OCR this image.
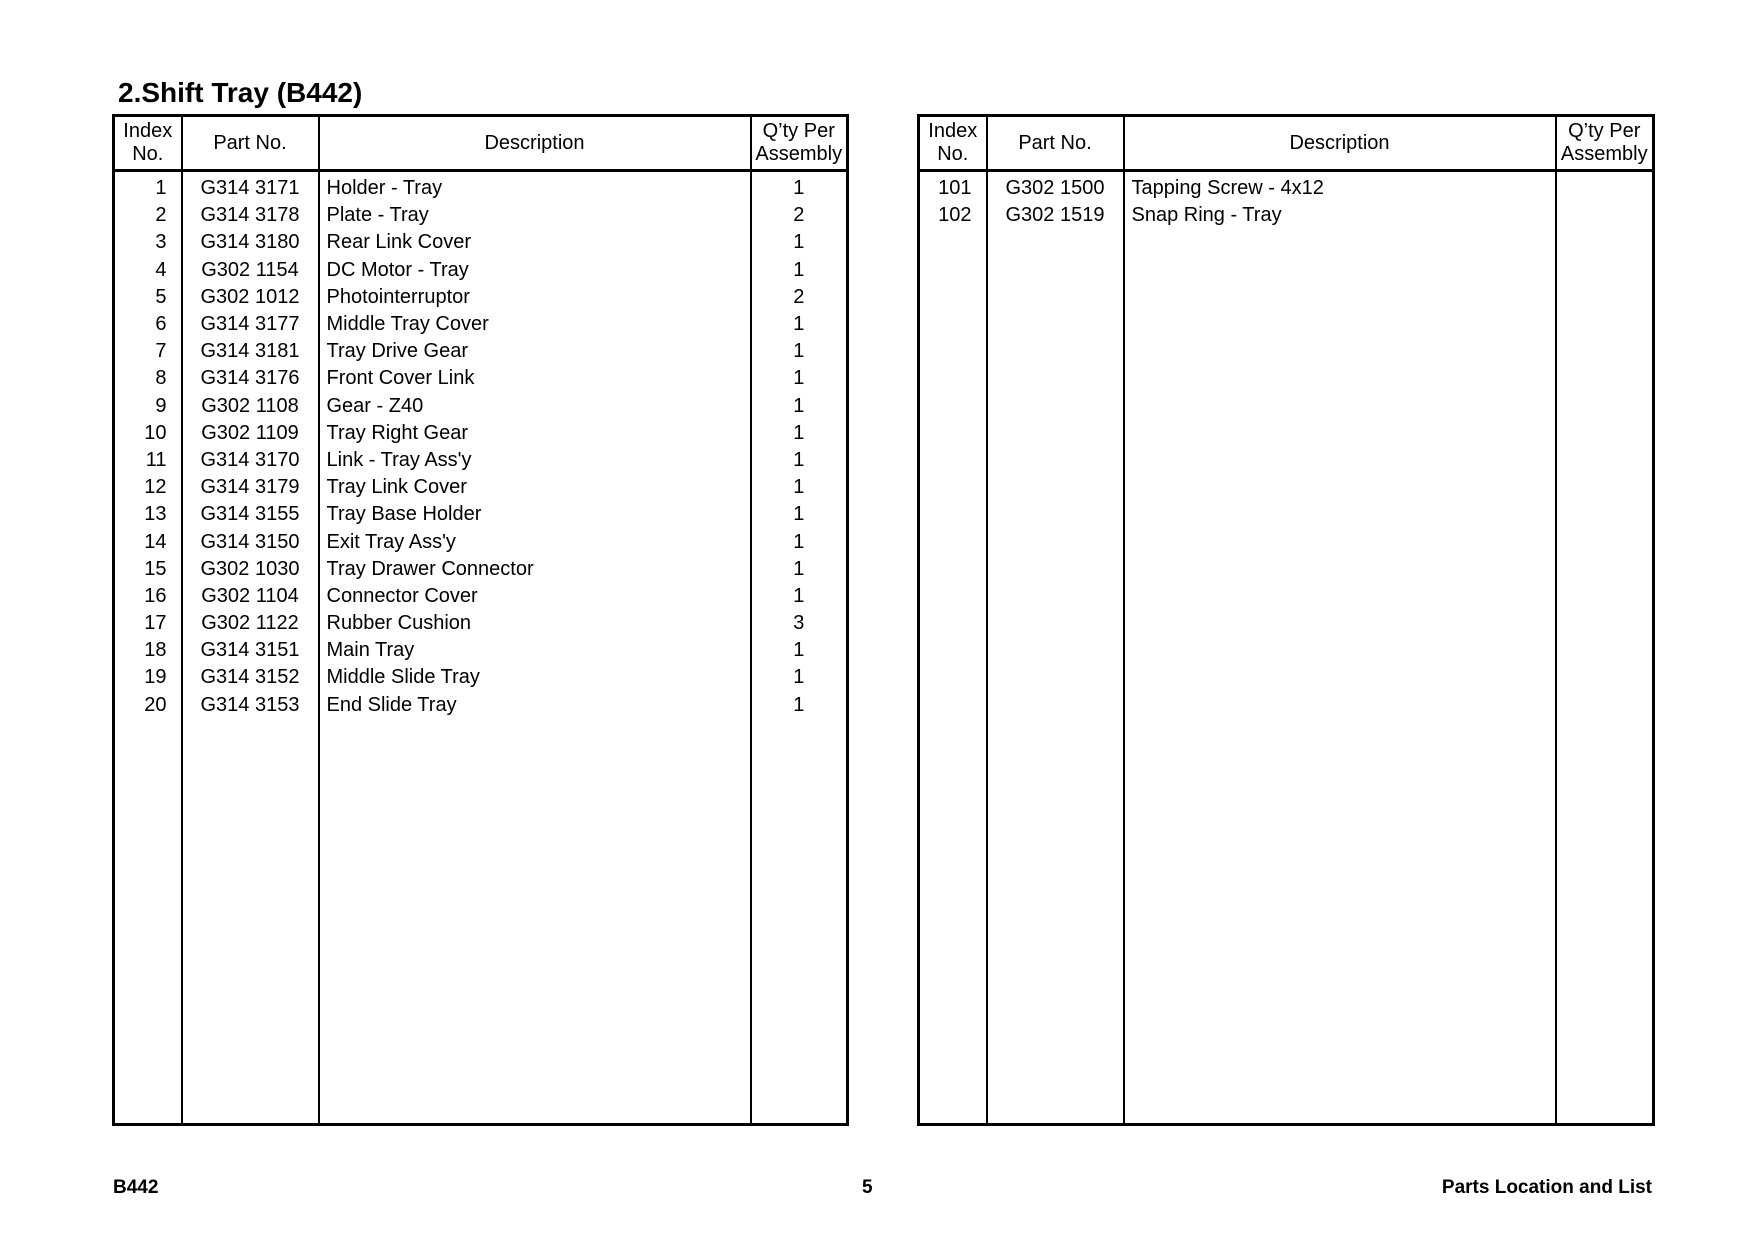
2.Shift Tray (B442)
Index
No.	Part No.	Description	Q’ty Per
Assembly
1	G314 3171	Holder - Tray	1
2	G314 3178	Plate - Tray	2
3	G314 3180	Rear Link Cover	1
4	G302 1154	DC Motor - Tray	1
5	G302 1012	Photointerruptor	2
6	G314 3177	Middle Tray Cover	1
7	G314 3181	Tray Drive Gear	1
8	G314 3176	Front Cover Link	1
9	G302 1108	Gear - Z40	1
10	G302 1109	Tray Right Gear	1
11	G314 3170	Link - Tray Ass'y	1
12	G314 3179	Tray Link Cover	1
13	G314 3155	Tray Base Holder	1
14	G314 3150	Exit Tray Ass'y	1
15	G302 1030	Tray Drawer Connector	1
16	G302 1104	Connector Cover	1
17	G302 1122	Rubber Cushion	3
18	G314 3151	Main Tray	1
19	G314 3152	Middle Slide Tray	1
20	G314 3153	End Slide Tray	1

Index
No.	Part No.	Description	Q’ty Per
Assembly
101	G302 1500	Tapping Screw - 4x12	
102	G302 1519	Snap Ring - Tray	

B442	5	Parts Location and List
